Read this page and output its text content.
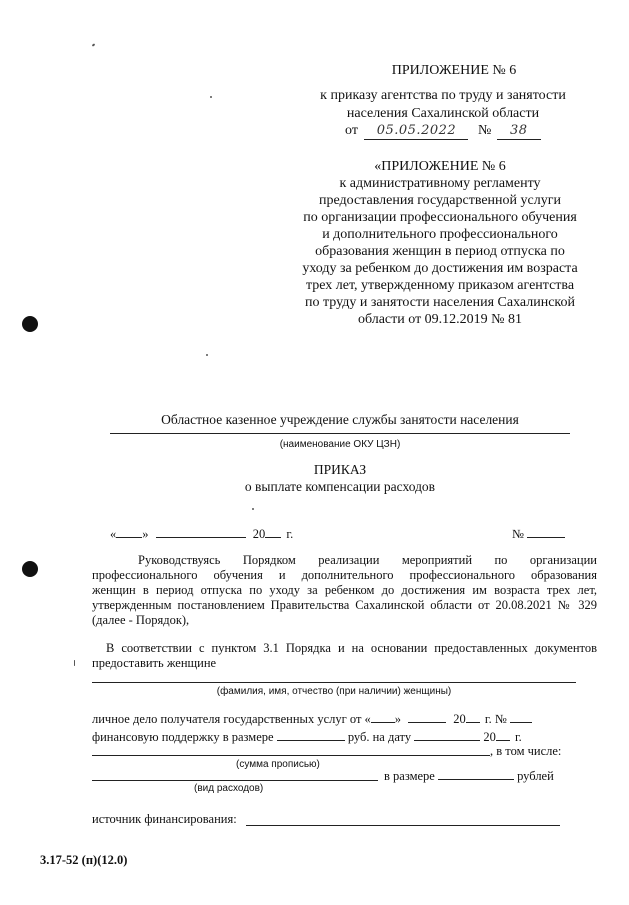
ПРИЛОЖЕНИЕ № 6
к приказу агентства по труду и занятости
населения Сахалинской области
от 05.05.2022 № 38
«ПРИЛОЖЕНИЕ № 6
к административному регламенту
предоставления государственной услуги
по организации профессионального обучения
и дополнительного профессионального
образования женщин в период отпуска по
уходу за ребенком до достижения им возраста
трех лет, утвержденному приказом агентства
по труду и занятости населения Сахалинской
области от 09.12.2019 № 81
Областное казенное учреждение службы занятости населения
(наименование ОКУ ЦЗН)
ПРИКАЗ
о выплате компенсации расходов
« »	20 г.	№
Руководствуясь Порядком реализации мероприятий по организации
профессионального обучения и дополнительного профессионального образования
женщин в период отпуска по уходу за ребенком до достижения им возраста трех лет,
утвержденным постановлением Правительства Сахалинской области от 20.08.2021 № 329
(далее - Порядок),
В соответствии с пунктом 3.1 Порядка и на основании предоставленных документов
предоставить женщине
(фамилия, имя, отчество (при наличии) женщины)
личное дело получателя государственных услуг от « »	20 г. №
финансовую поддержку в размере	руб. на дату	20 г.
, в том числе:
(сумма прописью)
в размере	рублей
(вид расходов)
источник финансирования:
3.17-52 (п)(12.0)
